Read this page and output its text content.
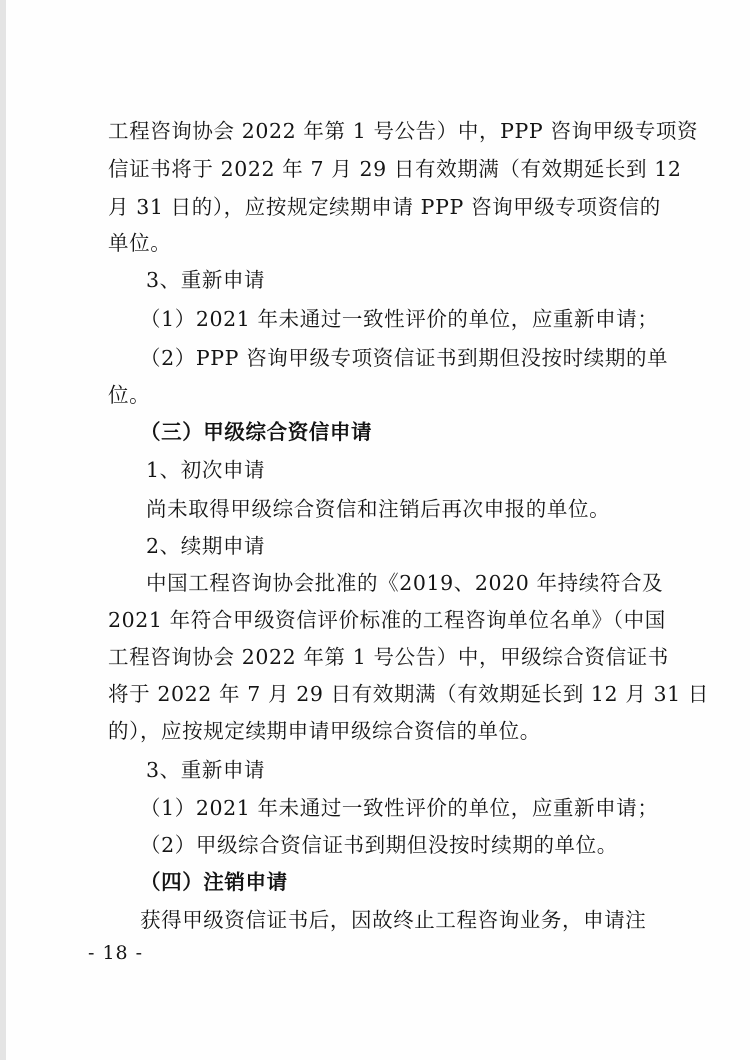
工程咨询协会 2022 年第 1 号公告）中，PPP 咨询甲级专项资
信证书将于 2022 年 7 月 29 日有效期满（有效期延长到 12
月 31 日的），应按规定续期申请 PPP 咨询甲级专项资信的
单位。
3、重新申请
（1）2021 年未通过一致性评价的单位，应重新申请；
（2）PPP 咨询甲级专项资信证书到期但没按时续期的单
位。
（三）甲级综合资信申请
1、初次申请
尚未取得甲级综合资信和注销后再次申报的单位。
2、续期申请
中国工程咨询协会批准的《2019、2020 年持续符合及
2021 年符合甲级资信评价标准的工程咨询单位名单》（中国
工程咨询协会 2022 年第 1 号公告）中，甲级综合资信证书
将于 2022 年 7 月 29 日有效期满（有效期延长到 12 月 31 日
的），应按规定续期申请甲级综合资信的单位。
3、重新申请
（1）2021 年未通过一致性评价的单位，应重新申请；
（2）甲级综合资信证书到期但没按时续期的单位。
（四）注销申请
获得甲级资信证书后，因故终止工程咨询业务，申请注
- 18 -
